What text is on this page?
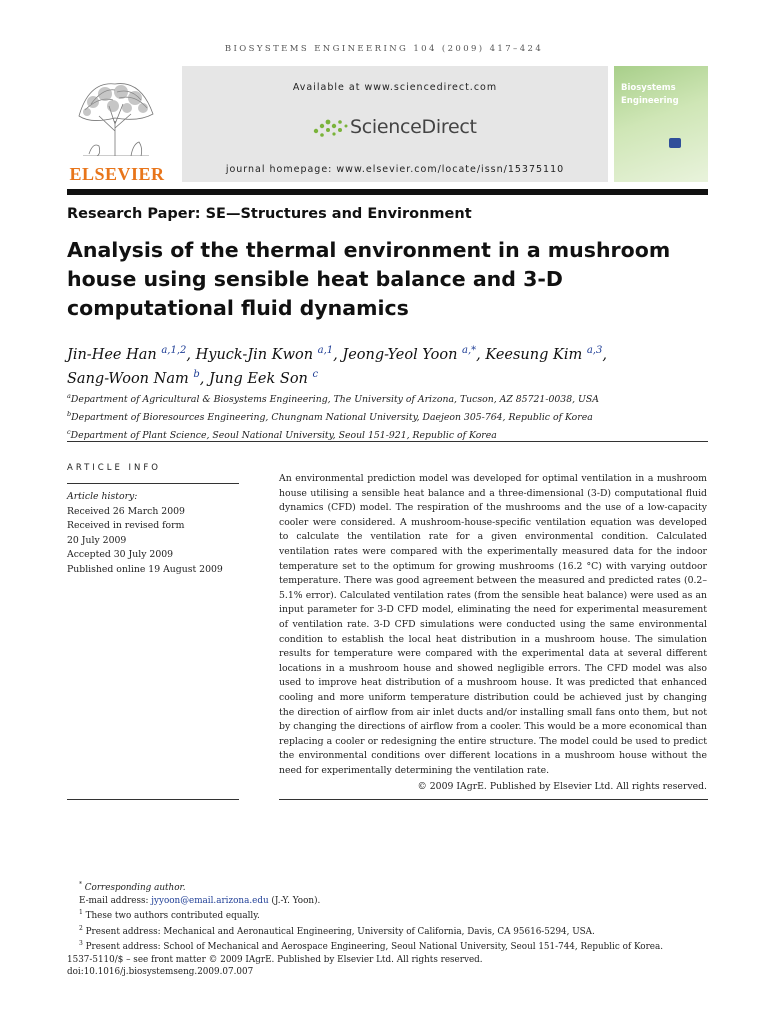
BIOSYSTEMS ENGINEERING 104 (2009) 417–424
ELSEVIER
Available at www.sciencedirect.com
ScienceDirect
journal homepage: www.elsevier.com/locate/issn/15375110
Biosystems
Engineering
Research Paper: SE—Structures and Environment
Analysis of the thermal environment in a mushroom house using sensible heat balance and 3-D computational fluid dynamics
Jin-Hee Han $^{a,1,2}$, Hyuck-Jin Kwon $^{a,1}$, Jeong-Yeol Yoon $^{a,*}$, Keesung Kim $^{a,3}$,
Sang-Woon Nam $^b$, Jung Eek Son $^c$
$^a$Department of Agricultural & Biosystems Engineering, The University of Arizona, Tucson, AZ 85721-0038, USA
$^b$Department of Bioresources Engineering, Chungnam National University, Daejeon 305-764, Republic of Korea
$^c$Department of Plant Science, Seoul National University, Seoul 151-921, Republic of Korea
ARTICLE INFO
Article history:
Received 26 March 2009
Received in revised form
20 July 2009
Accepted 30 July 2009
Published online 19 August 2009
An environmental prediction model was developed for optimal ventilation in a mushroom house utilising a sensible heat balance and a three-dimensional (3-D) computational fluid dynamics (CFD) model. The respiration of the mushrooms and the use of a low-capacity cooler were considered. A mushroom-house-specific ventilation equation was developed to calculate the ventilation rate for a given environmental condition. Calculated ventilation rates were compared with the experimentally measured data for the indoor temperature set to the optimum for growing mushrooms (16.2 °C) with varying outdoor temperature. There was good agreement between the measured and predicted rates (0.2–5.1% error). Calculated ventilation rates (from the sensible heat balance) were used as an input parameter for 3-D CFD model, eliminating the need for experimental measurement of ventilation rate. 3-D CFD simulations were conducted using the same environmental condition to establish the local heat distribution in a mushroom house. The simulation results for temperature were compared with the experimental data at several different locations in a mushroom house and showed negligible errors. The CFD model was also used to improve heat distribution of a mushroom house. It was predicted that enhanced cooling and more uniform temperature distribution could be achieved just by changing the direction of airflow from air inlet ducts and/or installing small fans onto them, but not by changing the directions of airflow from a cooler. This would be a more economical than replacing a cooler or redesigning the entire structure. The model could be used to predict the environmental conditions over different locations in a mushroom house without the need for experimentally determining the ventilation rate.
© 2009 IAgrE. Published by Elsevier Ltd. All rights reserved.
* Corresponding author.
E-mail address: jyyoon@email.arizona.edu (J.-Y. Yoon).
$^1$ These two authors contributed equally.
$^2$ Present address: Mechanical and Aeronautical Engineering, University of California, Davis, CA 95616-5294, USA.
$^3$ Present address: School of Mechanical and Aerospace Engineering, Seoul National University, Seoul 151-744, Republic of Korea.
1537-5110/$ – see front matter © 2009 IAgrE. Published by Elsevier Ltd. All rights reserved.
doi:10.1016/j.biosystemseng.2009.07.007
